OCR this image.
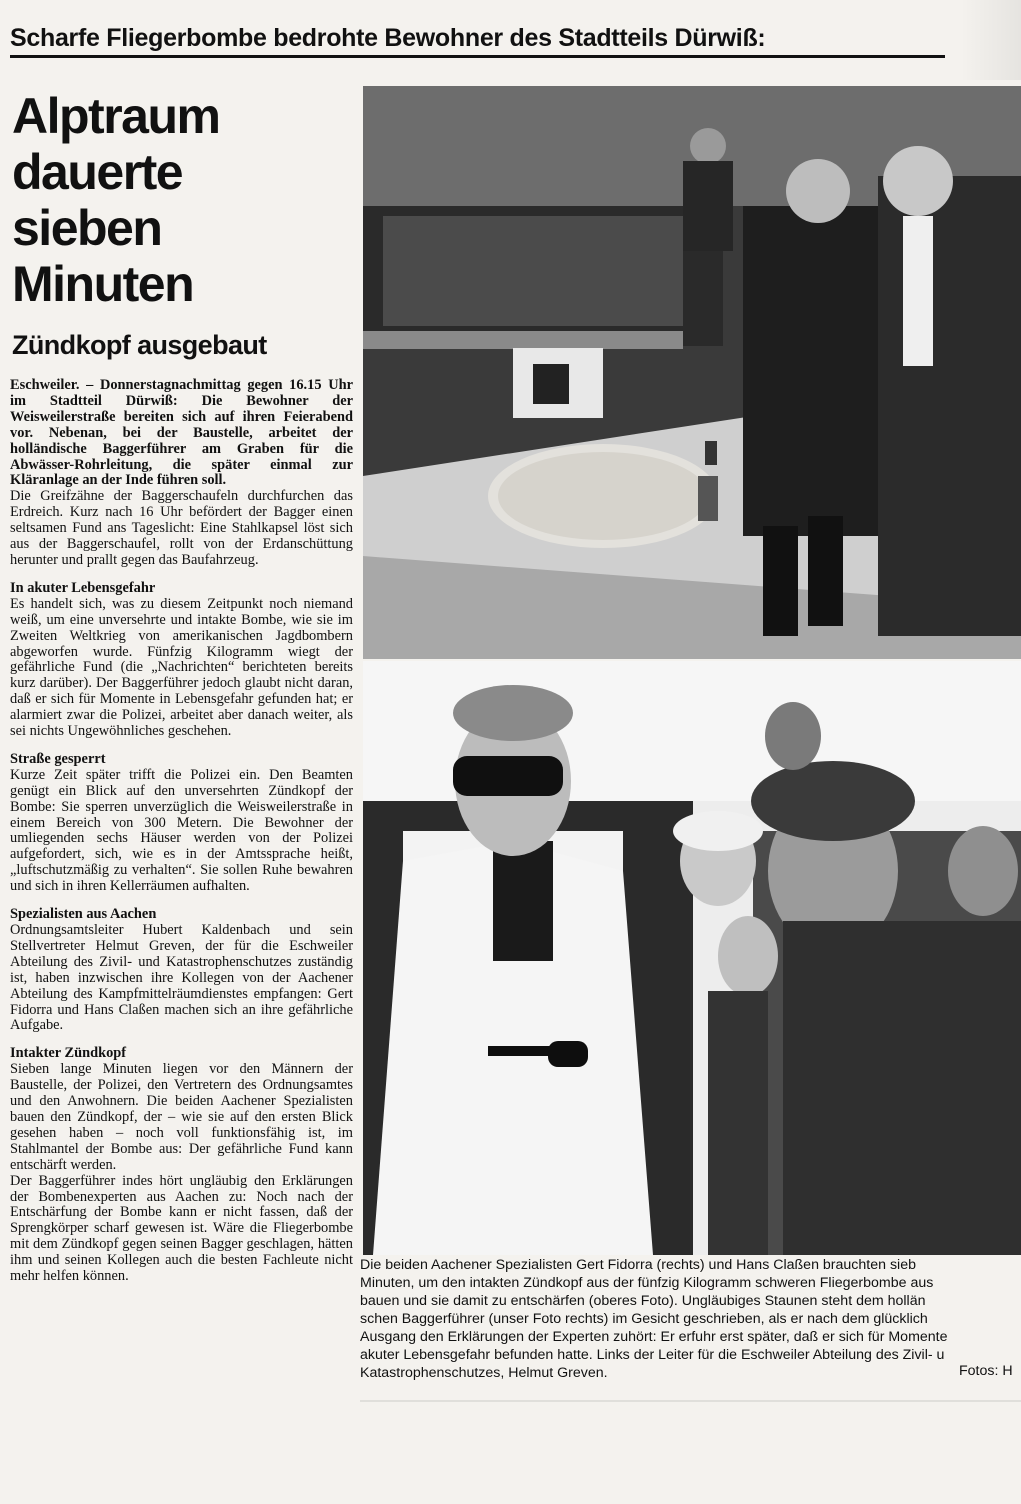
Scharfe Fliegerbombe bedrohte Bewohner des Stadtteils Dürwiß:
Alptraum
dauerte
sieben
Minuten
Zündkopf ausgebaut

Eschweiler. – Donnerstagnachmittag gegen 16.15 Uhr im Stadtteil Dürwiß: Die Bewohner der Weisweilerstraße bereiten sich auf ihren Feierabend vor. Nebenan, bei der Baustelle, arbeitet der holländische Baggerführer am Graben für die Abwässer-Rohrleitung, die später einmal zur Kläranlage an der Inde führen soll.

Die Greifzähne der Baggerschaufeln durchfurchen das Erdreich. Kurz nach 16 Uhr befördert der Bagger einen seltsamen Fund ans Tageslicht: Eine Stahlkapsel löst sich aus der Baggerschaufel, rollt von der Erdanschüttung herunter und prallt gegen das Baufahrzeug.

In akuter Lebensgefahr

Es handelt sich, was zu diesem Zeitpunkt noch niemand weiß, um eine unversehrte und intakte Bombe, wie sie im Zweiten Weltkrieg von amerikanischen Jagdbombern abgeworfen wurde. Fünfzig Kilogramm wiegt der gefährliche Fund (die „Nachrichten“ berichteten bereits kurz darüber). Der Baggerführer jedoch glaubt nicht daran, daß er sich für Momente in Lebensgefahr gefunden hat; er alarmiert zwar die Polizei, arbeitet aber danach weiter, als sei nichts Ungewöhnliches geschehen.

Straße gesperrt

Kurze Zeit später trifft die Polizei ein. Den Beamten genügt ein Blick auf den unversehrten Zündkopf der Bombe: Sie sperren unverzüglich die Weisweilerstraße in einem Bereich von 300 Metern. Die Bewohner der umliegenden sechs Häuser werden von der Polizei aufgefordert, sich, wie es in der Amtssprache heißt,„luftschutzmäßig zu verhalten“. Sie sollen Ruhe bewahren und sich in ihren Kellerräumen aufhalten.

Spezialisten aus Aachen

Ordnungsamtsleiter Hubert Kaldenbach und sein Stellvertreter Helmut Greven, der für die Eschweiler Abteilung des Zivil- und Katastrophenschutzes zuständig ist, haben inzwischen ihre Kollegen von der Aachener Abteilung des Kampfmittelräumdienstes empfangen: Gert Fidorra und Hans Claßen machen sich an ihre gefährliche Aufgabe.

Intakter Zündkopf

Sieben lange Minuten liegen vor den Männern der Baustelle, der Polizei, den Vertretern des Ordnungsamtes und den Anwohnern. Die beiden Aachener Spezialisten bauen den Zündkopf, der – wie sie auf den ersten Blick gesehen haben – noch voll funktionsfähig ist, im Stahlmantel der Bombe aus: Der gefährliche Fund kann entschärft werden.

Der Baggerführer indes hört ungläubig den Erklärungen der Bombenexperten aus Aachen zu: Noch nach der Entschärfung der Bombe kann er nicht fassen, daß der Sprengkörper scharf gewesen ist. Wäre die Fliegerbombe mit dem Zündkopf gegen seinen Bagger geschlagen, hätten ihm und seinen Kollegen auch die besten Fachleute nicht mehr helfen können.

Die beiden Aachener Spezialisten Gert Fidorra (rechts) und Hans Claßen brauchten sieb
Minuten, um den intakten Zündkopf aus der fünfzig Kilogramm schweren Fliegerbombe aus
bauen und sie damit zu entschärfen (oberes Foto). Ungläubiges Staunen steht dem hollän
schen Baggerführer (unser Foto rechts) im Gesicht geschrieben, als er nach dem glücklich
Ausgang den Erklärungen der Experten zuhört: Er erfuhr erst später, daß er sich für Momente
akuter Lebensgefahr befunden hatte. Links der Leiter für die Eschweiler Abteilung des Zivil- u
Katastrophenschutzes, Helmut Greven.	Fotos: H
